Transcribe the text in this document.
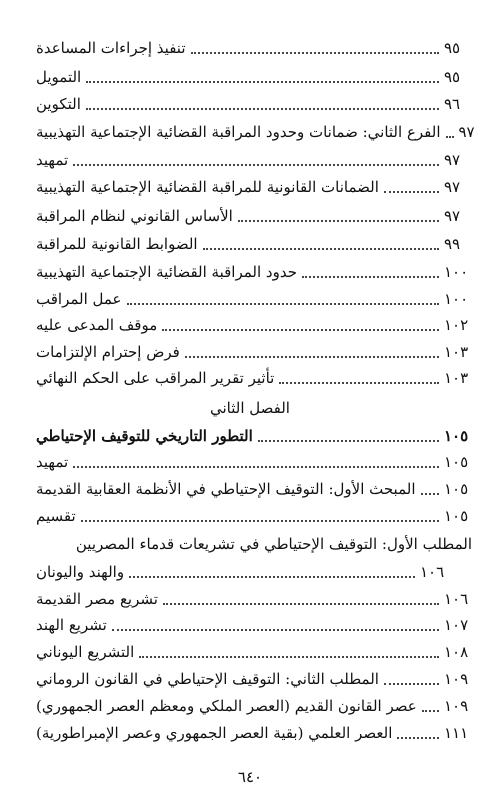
تنفيذ إجراءات المساعدة	٩٥
التمويل	٩٥
التكوين	٩٦
الفرع الثاني: ضمانات وحدود المراقبة القضائية الإجتماعية التهذيبية ٩٧
تمهيد	٩٧
الضمانات القانونية للمراقبة القضائية الإجتماعية التهذيبية	٩٧
الأساس القانوني لنظام المراقبة	٩٧
الضوابط القانونية للمراقبة	٩٩
حدود المراقبة القضائية الإجتماعية التهذيبية	١٠٠
عمل المراقب	١٠٠
موقف المدعى عليه	١٠٢
فرض إحترام الإلتزامات	١٠٣
تأثير تقرير المراقب على الحكم النهائي	١٠٣
الفصل الثاني
التطور التاريخي للتوقيف الإحتياطي	١٠٥
تمهيد	١٠٥
المبحث الأول: التوقيف الإحتياطي في الأنظمة العقابية القديمة ١٠٥
تقسيم	١٠٥
المطلب الأول: التوقيف الإحتياطي في تشريعات قدماء المصريين
والهند واليونان	١٠٦
تشريع مصر القديمة	١٠٦
تشريع الهند	١٠٧
التشريع اليوناني	١٠٨
المطلب الثاني: التوقيف الإحتياطي في القانون الروماني	١٠٩
عصر القانون القديم (العصر الملكي ومعظم العصر الجمهوري) ١٠٩
العصر العلمي (بقية العصر الجمهوري وعصر الإمبراطورية)	١١١
٦٤٠
